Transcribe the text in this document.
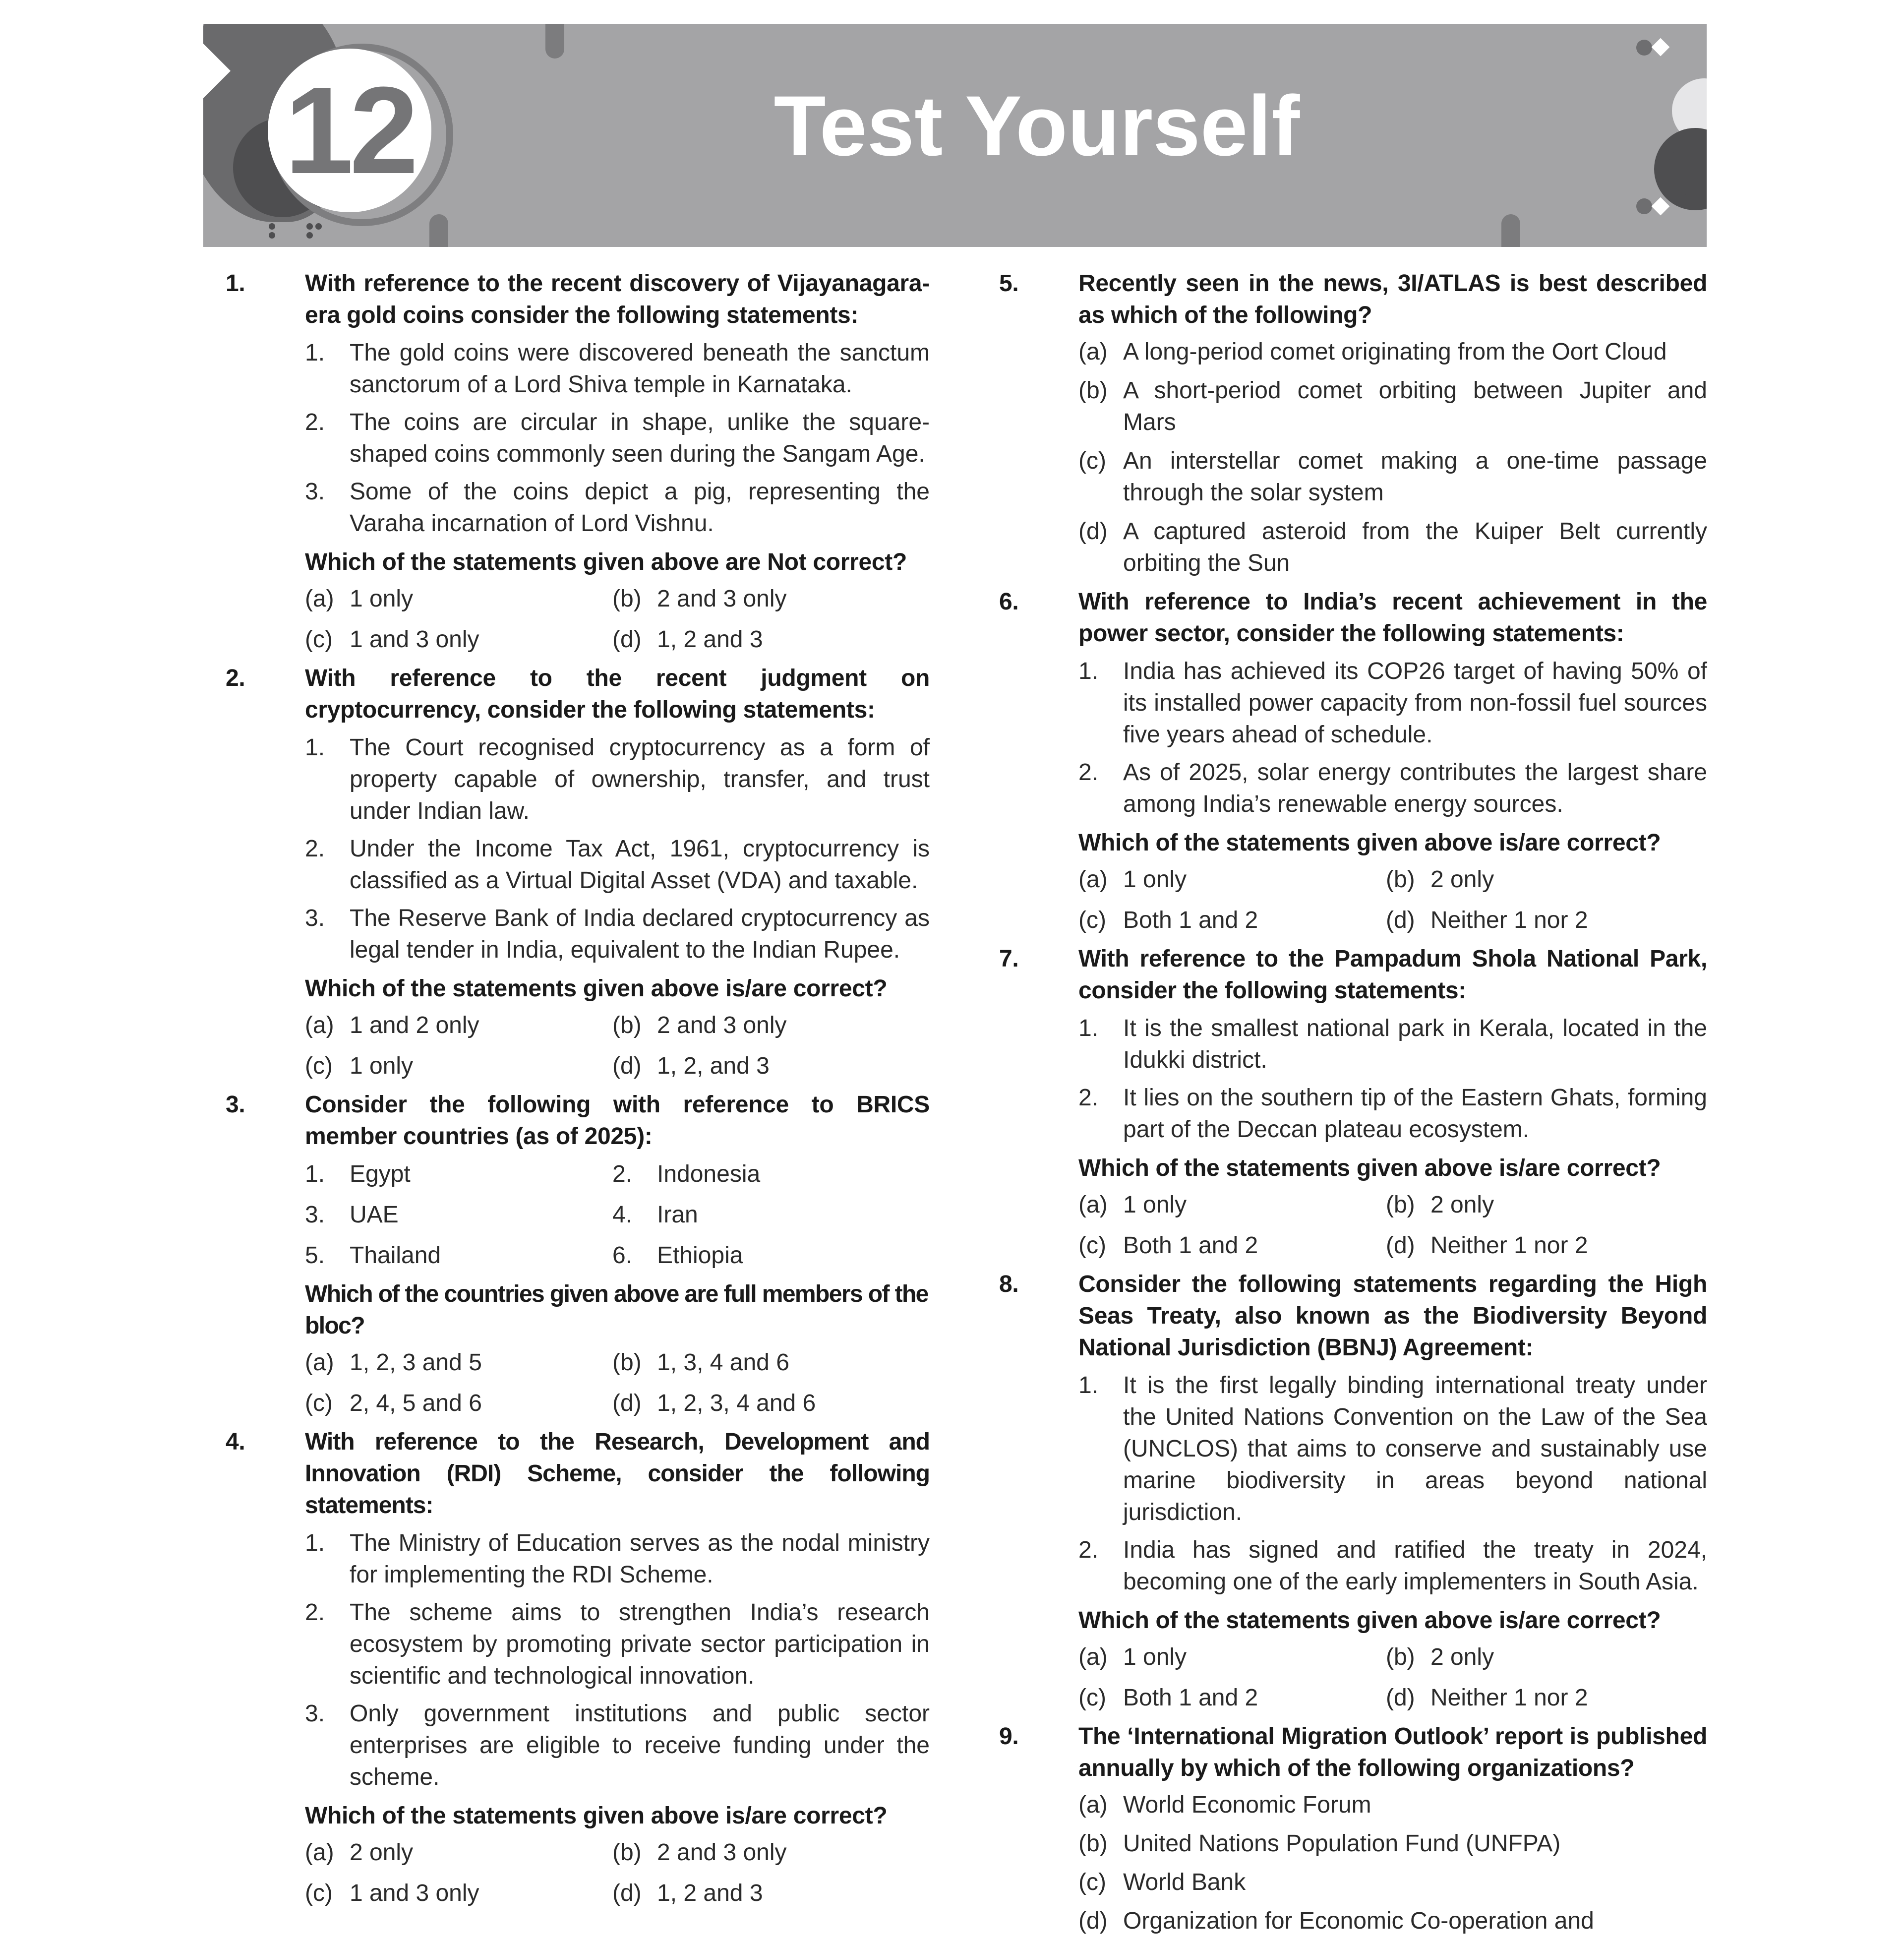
12	Test Yourself
1.	With reference to the recent discovery of Vijayanagara-era gold coins consider the following statements:
1.	The gold coins were discovered beneath the sanctum sanctorum of a Lord Shiva temple in Karnataka.
2.	The coins are circular in shape, unlike the square-shaped coins commonly seen during the Sangam Age.
3.	Some of the coins depict a pig, representing the Varaha incarnation of Lord Vishnu.
Which of the statements given above are Not correct?
(a) 1 only	(b) 2 and 3 only
(c) 1 and 3 only	(d) 1, 2 and 3
2.	With reference to the recent judgment on cryptocurrency, consider the following statements:
1.	The Court recognised cryptocurrency as a form of property capable of ownership, transfer, and trust under Indian law.
2.	Under the Income Tax Act, 1961, cryptocurrency is classified as a Virtual Digital Asset (VDA) and taxable.
3.	The Reserve Bank of India declared cryptocurrency as legal tender in India, equivalent to the Indian Rupee.
Which of the statements given above is/are correct?
(a) 1 and 2 only	(b) 2 and 3 only
(c) 1 only	(d) 1, 2, and 3
3.	Consider the following with reference to BRICS member countries (as of 2025):
1.	Egypt	2.	Indonesia
3.	UAE	4.	Iran
5.	Thailand	6.	Ethiopia
Which of the countries given above are full members of the bloc?
(a) 1, 2, 3 and 5	(b) 1, 3, 4 and 6
(c) 2, 4, 5 and 6	(d) 1, 2, 3, 4 and 6
4.	With reference to the Research, Development and Innovation (RDI) Scheme, consider the following statements:
1.	The Ministry of Education serves as the nodal ministry for implementing the RDI Scheme.
2.	The scheme aims to strengthen India’s research ecosystem by promoting private sector participation in scientific and technological innovation.
3.	Only government institutions and public sector enterprises are eligible to receive funding under the scheme.
Which of the statements given above is/are correct?
(a) 2 only	(b) 2 and 3 only
(c) 1 and 3 only	(d) 1, 2 and 3
5.	Recently seen in the news, 3I/ATLAS is best described as which of the following?
(a) A long-period comet originating from the Oort Cloud
(b) A short-period comet orbiting between Jupiter and Mars
(c) An interstellar comet making a one-time passage through the solar system
(d) A captured asteroid from the Kuiper Belt currently orbiting the Sun
6.	With reference to India’s recent achievement in the power sector, consider the following statements:
1.	India has achieved its COP26 target of having 50% of its installed power capacity from non-fossil fuel sources five years ahead of schedule.
2.	As of 2025, solar energy contributes the largest share among India’s renewable energy sources.
Which of the statements given above is/are correct?
(a) 1 only	(b) 2 only
(c) Both 1 and 2	(d) Neither 1 nor 2
7.	With reference to the Pampadum Shola National Park, consider the following statements:
1.	It is the smallest national park in Kerala, located in the Idukki district.
2.	It lies on the southern tip of the Eastern Ghats, forming part of the Deccan plateau ecosystem.
Which of the statements given above is/are correct?
(a) 1 only	(b) 2 only
(c) Both 1 and 2	(d) Neither 1 nor 2
8.	Consider the following statements regarding the High Seas Treaty, also known as the Biodiversity Beyond National Jurisdiction (BBNJ) Agreement:
1.	It is the first legally binding international treaty under the United Nations Convention on the Law of the Sea (UNCLOS) that aims to conserve and sustainably use marine biodiversity in areas beyond national jurisdiction.
2.	India has signed and ratified the treaty in 2024, becoming one of the early implementers in South Asia.
Which of the statements given above is/are correct?
(a) 1 only	(b) 2 only
(c) Both 1 and 2	(d) Neither 1 nor 2
9.	The ‘International Migration Outlook’ report is published annually by which of the following organizations?
(a) World Economic Forum
(b) United Nations Population Fund (UNFPA)
(c) World Bank
(d) Organization for Economic Co-operation and
